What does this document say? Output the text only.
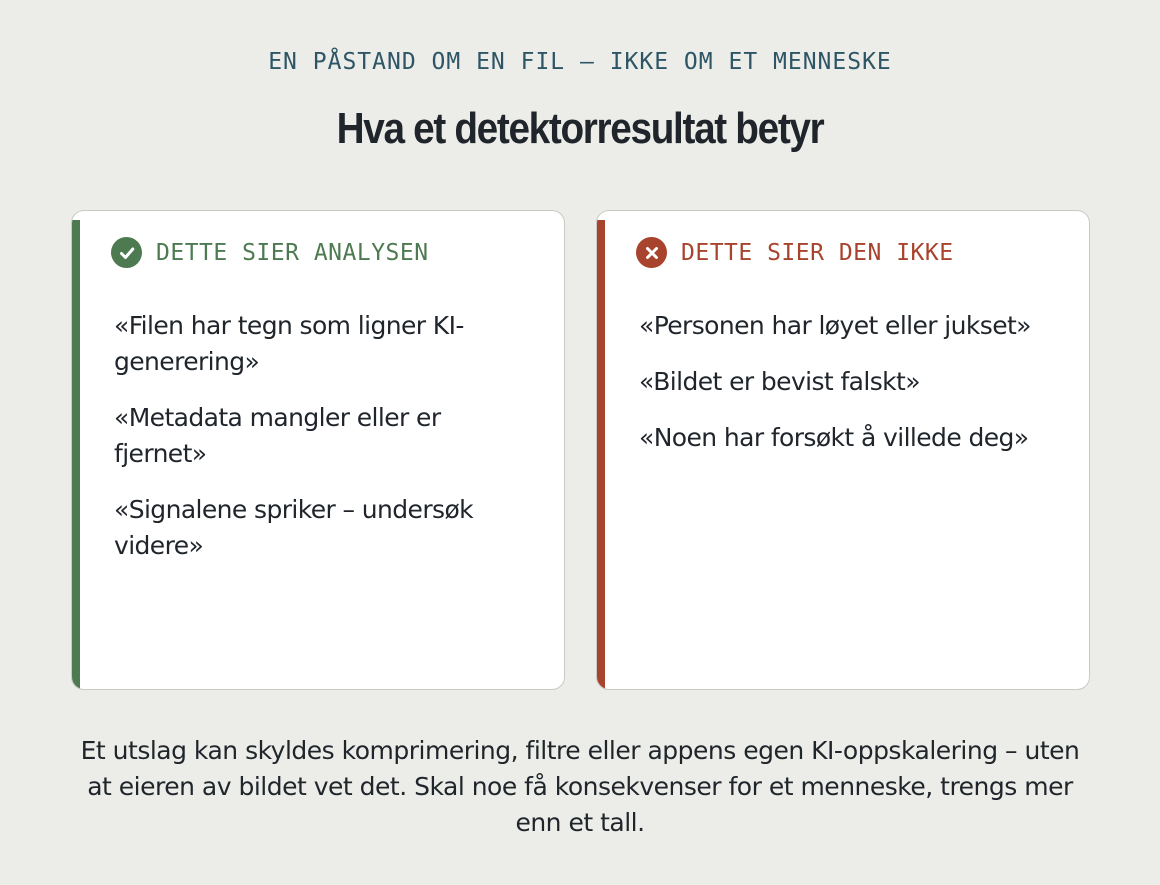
EN PÅSTAND OM EN FIL – IKKE OM ET MENNESKE
Hva et detektorresultat betyr
DETTE SIER ANALYSEN
«Filen har tegn som ligner KI-generering»
«Metadata mangler eller er fjernet»
«Signalene spriker – undersøk videre»
DETTE SIER DEN IKKE
«Personen har løyet eller jukset»
«Bildet er bevist falskt»
«Noen har forsøkt å villede deg»
Et utslag kan skyldes komprimering, filtre eller appens egen KI-oppskalering – uten at eieren av bildet vet det. Skal noe få konsekvenser for et menneske, trengs mer enn et tall.
